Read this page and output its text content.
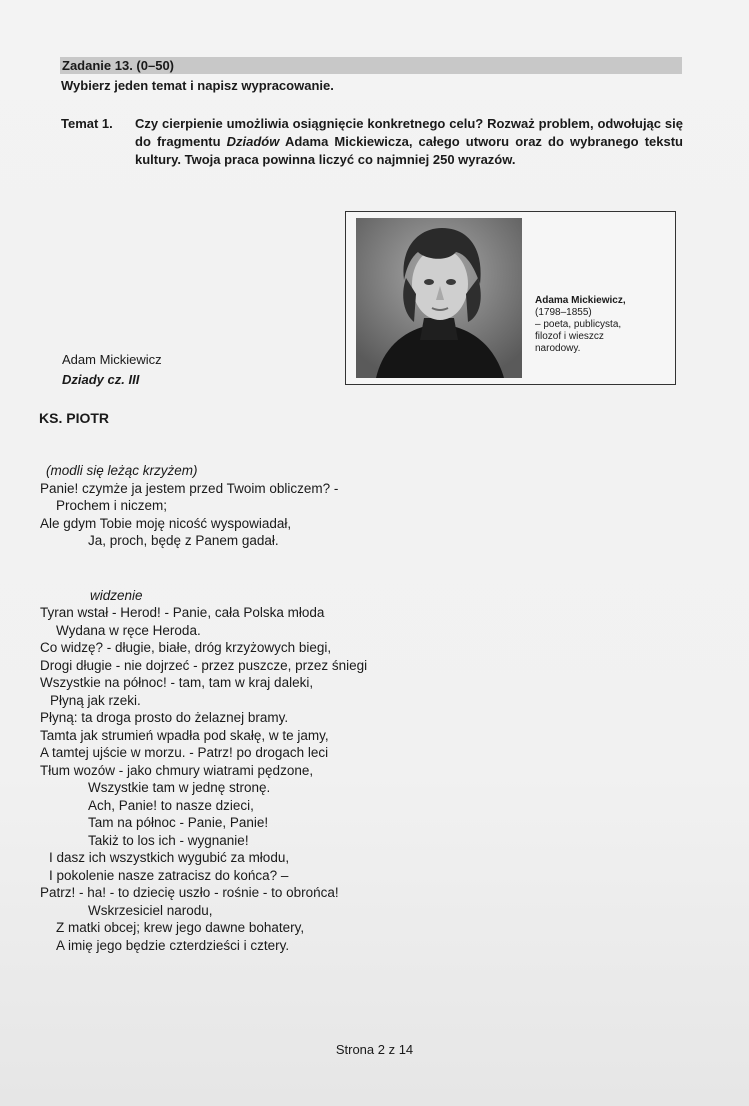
Zadanie 13. (0–50)
Wybierz jeden temat i napisz wypracowanie.
Temat 1. Czy cierpienie umożliwia osiągnięcie konkretnego celu? Rozważ problem, odwołując się do fragmentu Dziadów Adama Mickiewicza, całego utworu oraz do wybranego tekstu kultury. Twoja praca powinna liczyć co najmniej 250 wyrazów.
Adama Mickiewicz,
(1798–1855)
– poeta, publicysta,
filozof i wieszcz
narodowy.
Adam Mickiewicz
Dziady cz. III
KS. PIOTR
(modli się leżąc krzyżem)
Panie! czymże ja jestem przed Twoim obliczem? -
Prochem i niczem;
Ale gdym Tobie moję nicość wyspowiadał,
Ja, proch, będę z Panem gadał.
widzenie
Tyran wstał - Herod! - Panie, cała Polska młoda
Wydana w ręce Heroda.
Co widzę? - długie, białe, dróg krzyżowych biegi,
Drogi długie - nie dojrzeć - przez puszcze, przez śniegi
Wszystkie na północ! - tam, tam w kraj daleki,
Płyną jak rzeki.
Płyną: ta droga prosto do żelaznej bramy.
Tamta jak strumień wpadła pod skałę, w te jamy,
A tamtej ujście w morzu. - Patrz! po drogach leci
Tłum wozów - jako chmury wiatrami pędzone,
Wszystkie tam w jednę stronę.
Ach, Panie! to nasze dzieci,
Tam na północ - Panie, Panie!
Takiż to los ich - wygnanie!
I dasz ich wszystkich wygubić za młodu,
I pokolenie nasze zatracisz do końca? –
Patrz! - ha! - to dziecię uszło - rośnie - to obrońca!
Wskrzesiciel narodu,
Z matki obcej; krew jego dawne bohatery,
A imię jego będzie czterdzieści i cztery.
Strona 2 z 14
